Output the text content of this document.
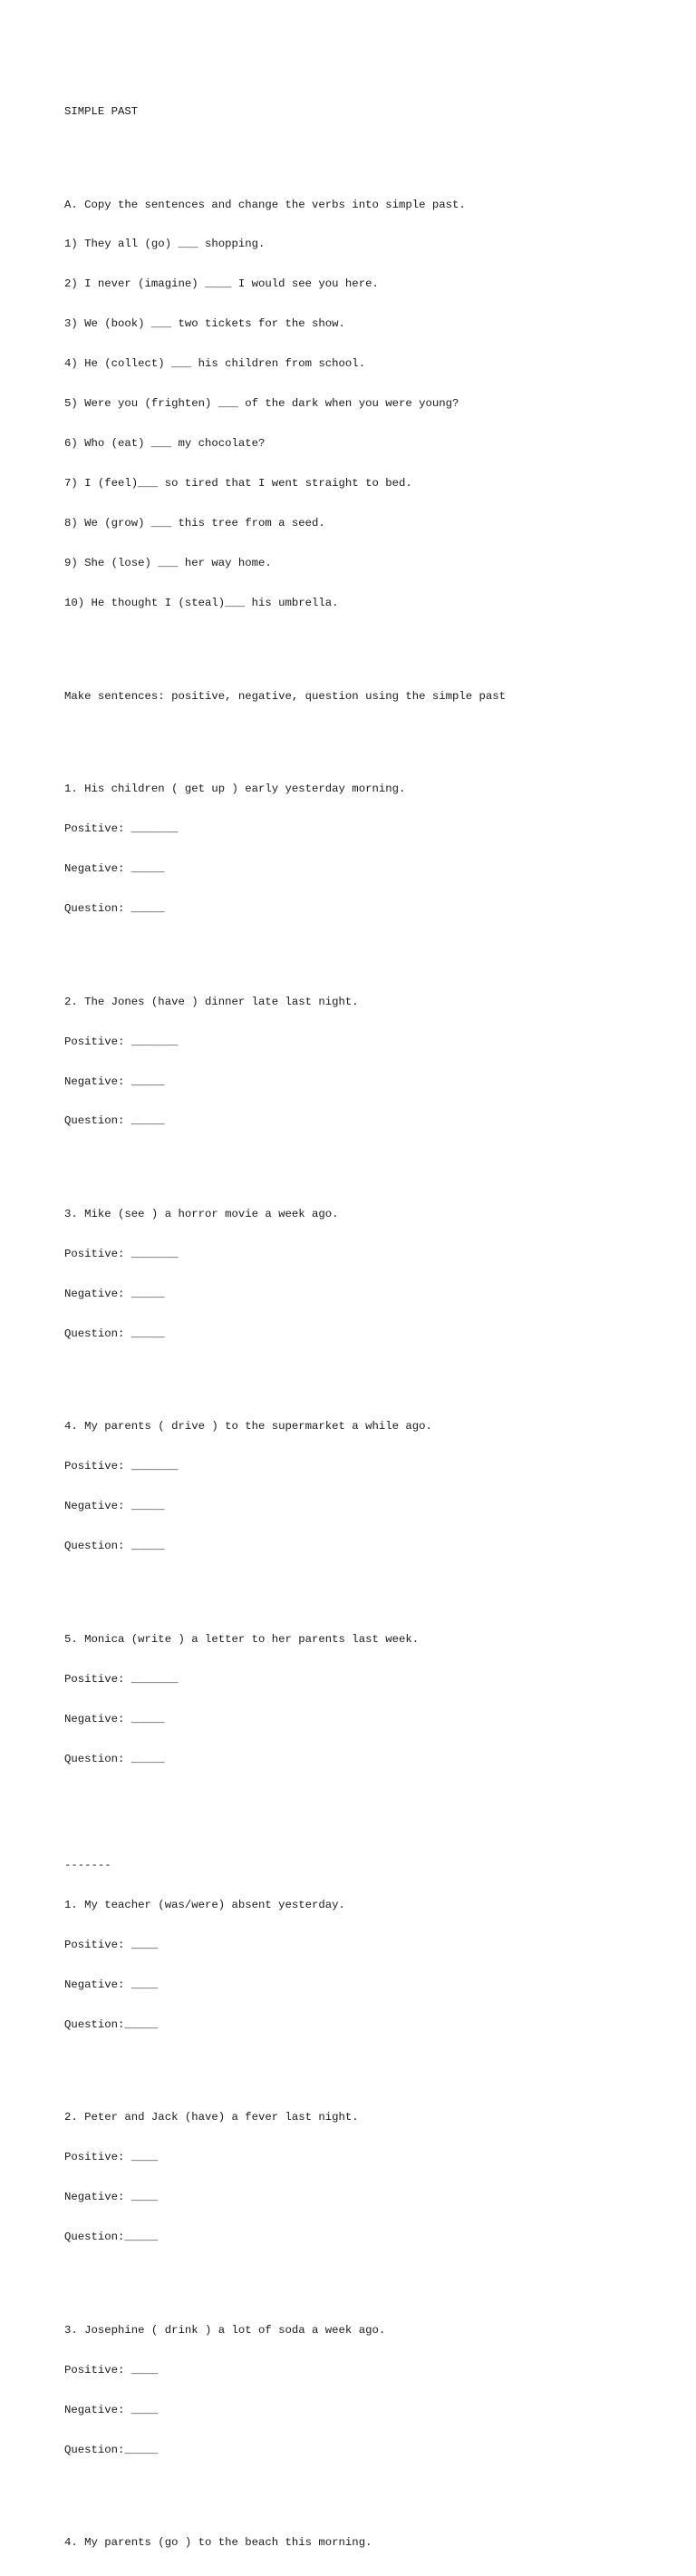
SIMPLE PAST

A. Copy the sentences and change the verbs into simple past.

1) They all (go) ___ shopping.

2) I never (imagine) ____ I would see you here.

3) We (book) ___ two tickets for the show.

4) He (collect) ___ his children from school.

5) Were you (frighten) ___ of the dark when you were young?

6) Who (eat) ___ my chocolate?

7) I (feel)___ so tired that I went straight to bed.

8) We (grow) ___ this tree from a seed.

9) She (lose) ___ her way home.

10) He thought I (steal)___ his umbrella.

Make sentences: positive, negative, question using the simple past

1. His children ( get up ) early yesterday morning.

Positive: _______

Negative: _____

Question: _____

2. The Jones (have ) dinner late last night.

Positive: _______

Negative: _____

Question: _____

3. Mike (see ) a horror movie a week ago.

Positive: _______

Negative: _____

Question: _____

4. My parents ( drive ) to the supermarket a while ago.

Positive: _______

Negative: _____

Question: _____

5. Monica (write ) a letter to her parents last week.

Positive: _______

Negative: _____

Question: _____

-------

1. My teacher (was/were) absent yesterday.

Positive: ____

Negative: ____

Question:_____

2. Peter and Jack (have) a fever last night.

Positive: ____

Negative: ____

Question:_____

3. Josephine ( drink ) a lot of soda a week ago.

Positive: ____

Negative: ____

Question:_____

4. My parents (go ) to the beach this morning.
